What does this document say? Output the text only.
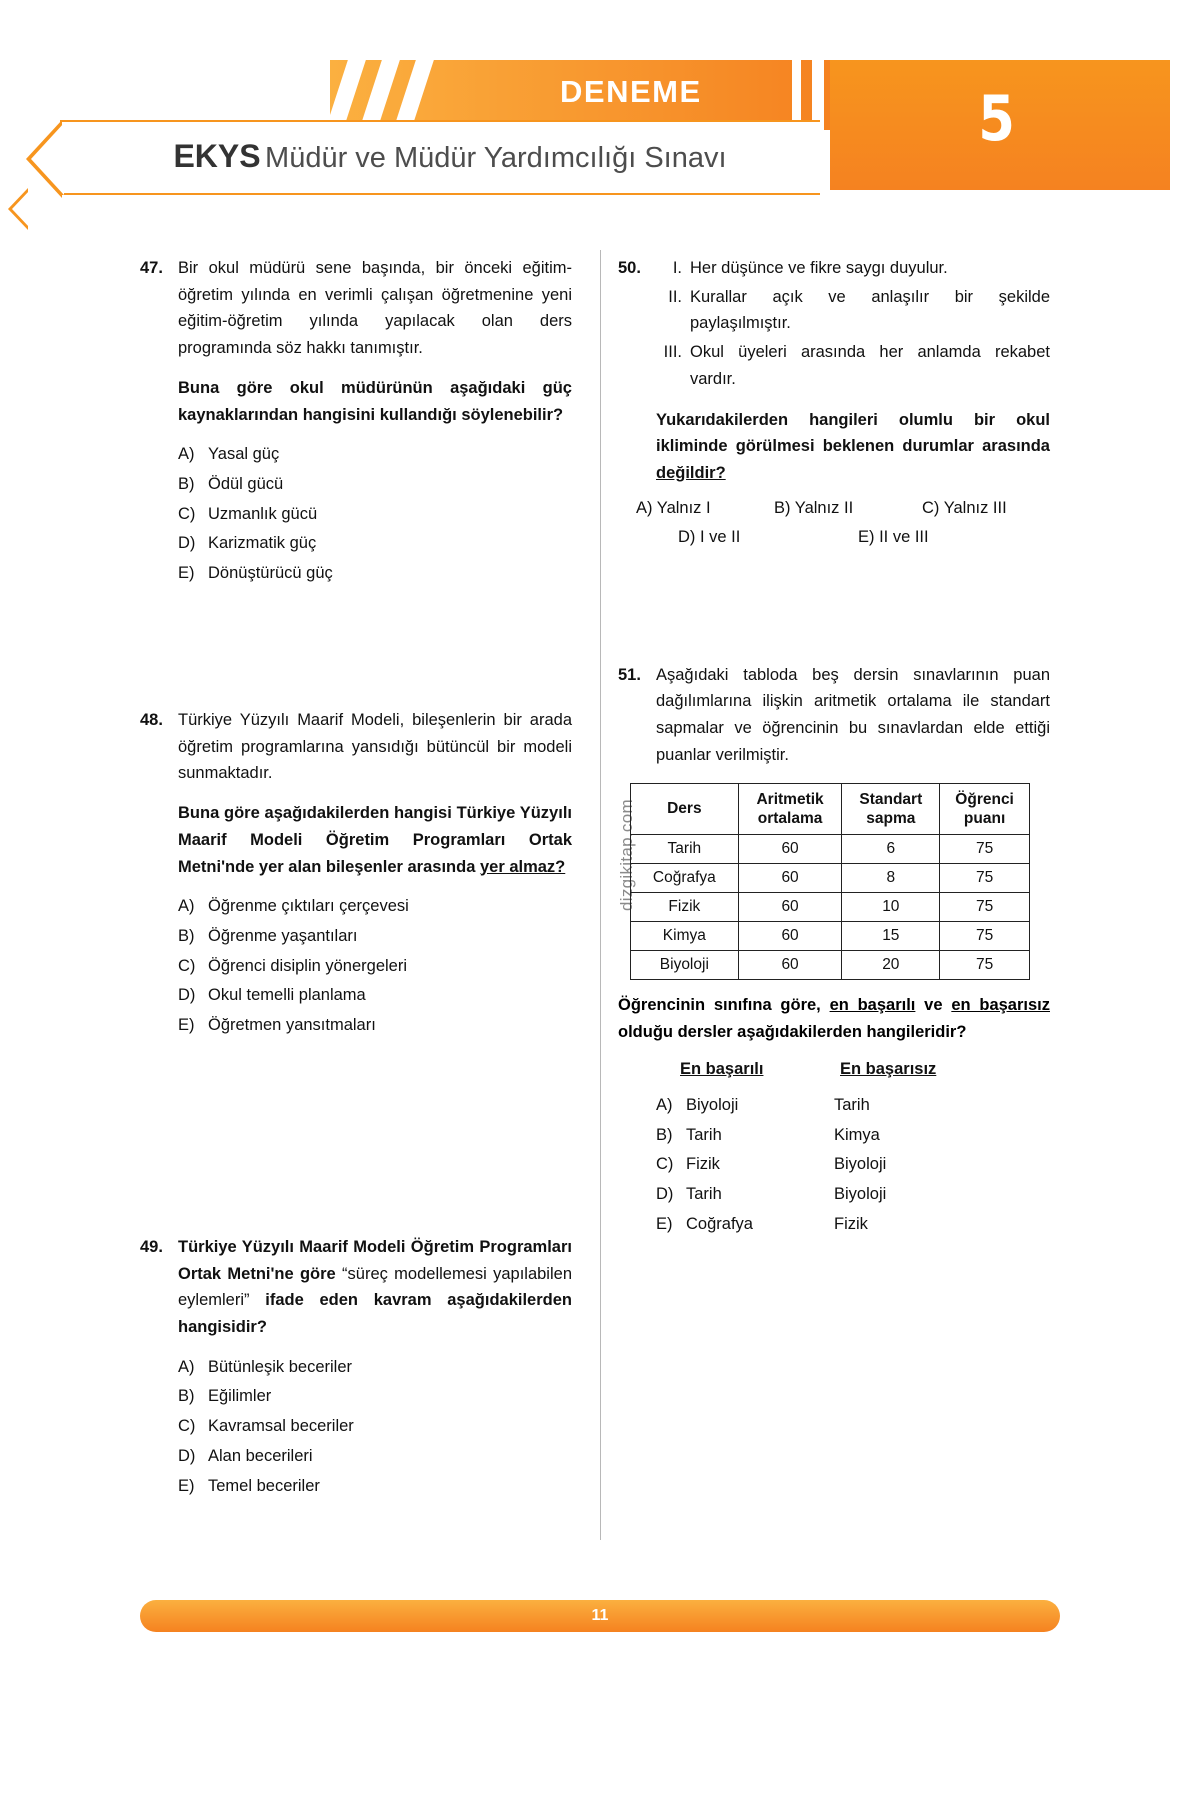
DENEME
EKYS Müdür ve Müdür Yardımcılığı Sınavı
5
dizgikitap.com
47. Bir okul müdürü sene başında, bir önceki eğitim-öğretim yılında en verimli çalışan öğretmenine yeni eğitim-öğretim yılında yapılacak olan ders programında söz hakkı tanımıştır.

Buna göre okul müdürünün aşağıdaki güç kaynaklarından hangisini kullandığı söylenebilir?

A) Yasal güç
B) Ödül gücü
C) Uzmanlık gücü
D) Karizmatik güç
E) Dönüştürücü güç
48. Türkiye Yüzyılı Maarif Modeli, bileşenlerin bir arada öğretim programlarına yansıdığı bütüncül bir modeli sunmaktadır.

Buna göre aşağıdakilerden hangisi Türkiye Yüzyılı Maarif Modeli Öğretim Programları Ortak Metni'nde yer alan bileşenler arasında yer almaz?

A) Öğrenme çıktıları çerçevesi
B) Öğrenme yaşantıları
C) Öğrenci disiplin yönergeleri
D) Okul temelli planlama
E) Öğretmen yansıtmaları
49. Türkiye Yüzyılı Maarif Modeli Öğretim Programları Ortak Metni'ne göre “süreç modellemesi yapılabilen eylemleri” ifade eden kavram aşağıdakilerden hangisidir?
A) Bütünleşik beceriler
B) Eğilimler
C) Kavramsal beceriler
D) Alan becerileri
E) Temel beceriler
50.	I. Her düşünce ve fikre saygı duyulur.
II. Kurallar açık ve anlaşılır bir şekilde paylaşılmıştır.
III. Okul üyeleri arasında her anlamda rekabet vardır.

Yukarıdakilerden hangileri olumlu bir okul ikliminde görülmesi beklenen durumlar arasında değildir?

A) Yalnız I	B) Yalnız II	C) Yalnız III
D) I ve II	E) II ve III
51. Aşağıdaki tabloda beş dersin sınavlarının puan dağılımlarına ilişkin aritmetik ortalama ile standart sapmalar ve öğrencinin bu sınavlardan elde ettiği puanlar verilmiştir.

Ders	Aritmetik ortalama	Standart sapma	Öğrenci puanı
Tarih	60	6	75
Coğrafya	60	8	75
Fizik	60	10	75
Kimya	60	15	75
Biyoloji	60	20	75

Öğrencinin sınıfına göre, en başarılı ve en başarısız olduğu dersler aşağıdakilerden hangileridir?

En başarılı	En başarısız
A) Biyoloji	Tarih
B) Tarih	Kimya
C) Fizik	Biyoloji
D) Tarih	Biyoloji
E) Coğrafya	Fizik
11
